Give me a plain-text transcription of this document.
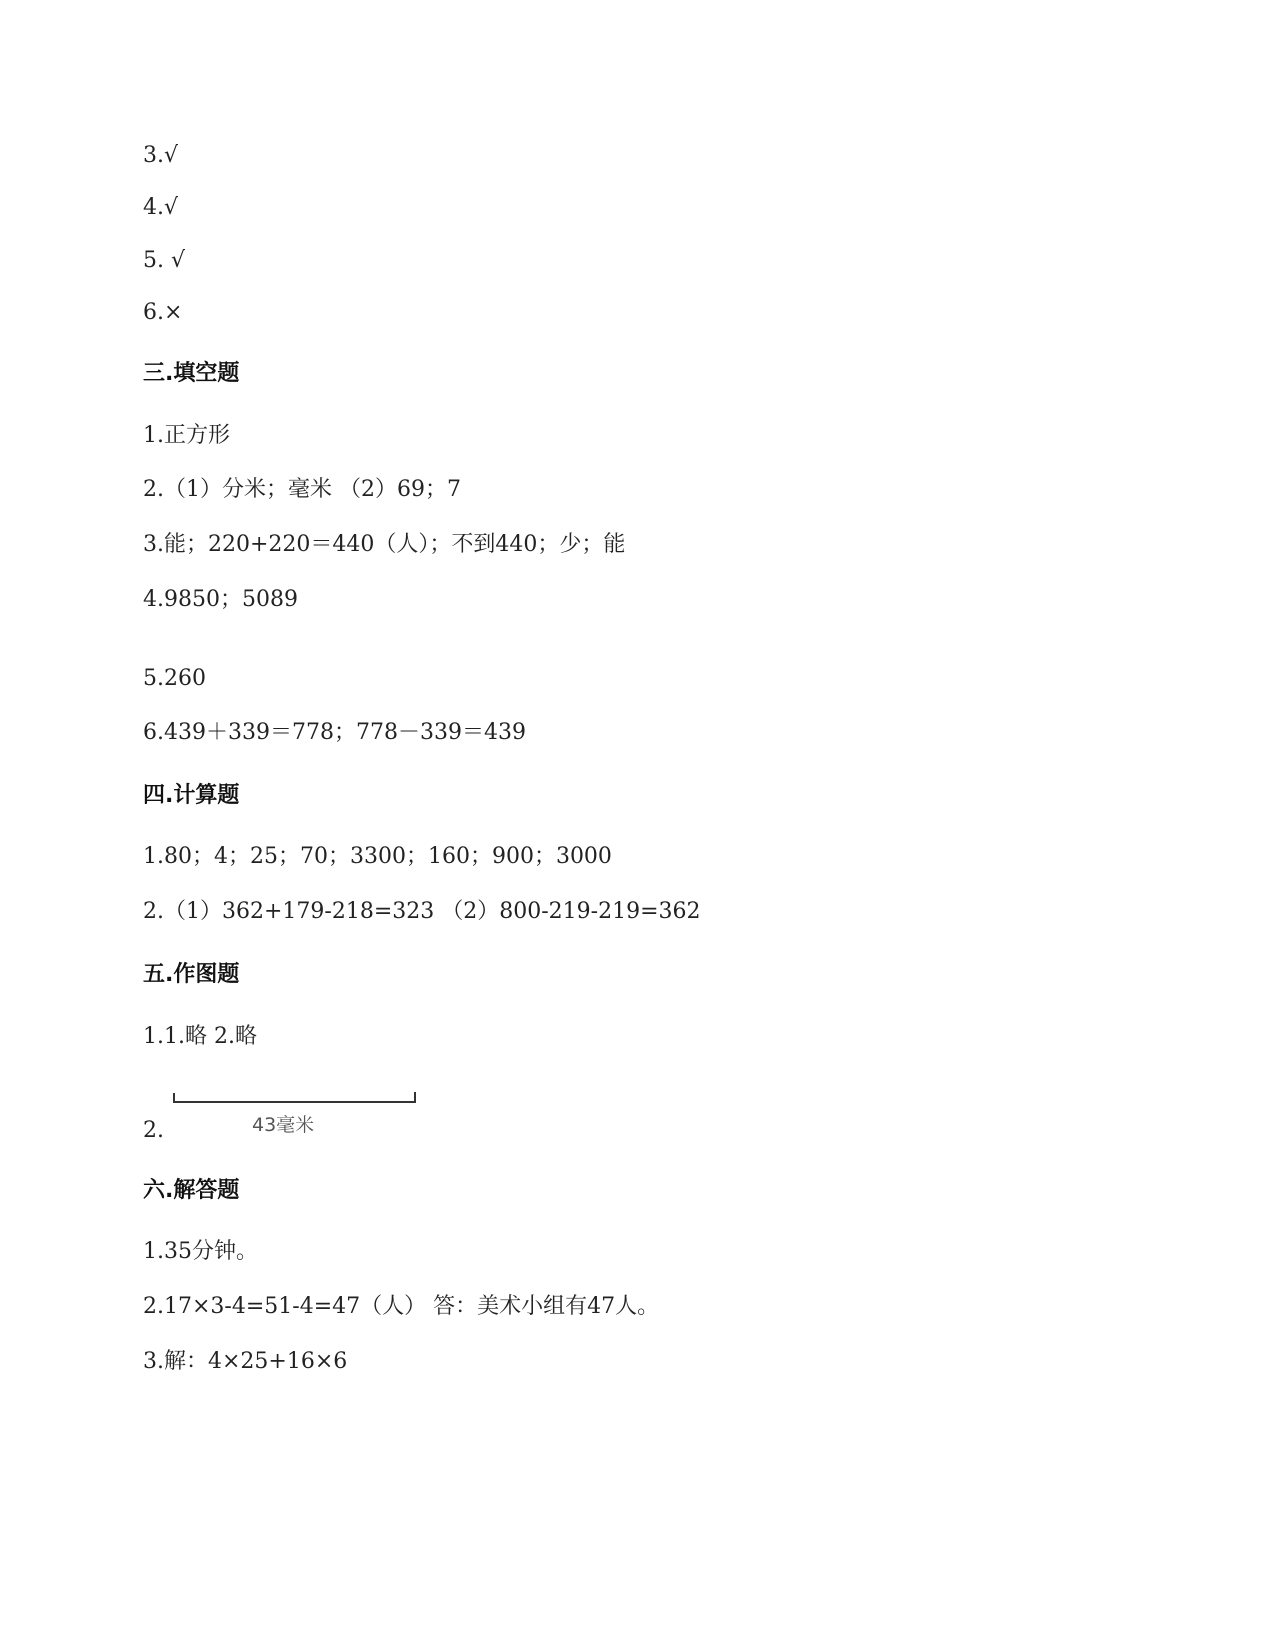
3.√
4.√
5. √
6.×
三.填空题
1.正方形
2.（1）分米；毫米 （2）69；7
3.能；220+220＝440（人）；不到440；少；能
4.9850；5089
5.260
6.439＋339＝778；778－339＝439
四.计算题
1.80；4；25；70；3300；160；900；3000
2.（1）362+179-218=323 （2）800-219-219=362
五.作图题
1.1.略 2.略
2.	43毫米
六.解答题
1.35分钟。
2.17×3-4=51-4=47（人） 答：美术小组有47人。
3.解：4×25+16×6
